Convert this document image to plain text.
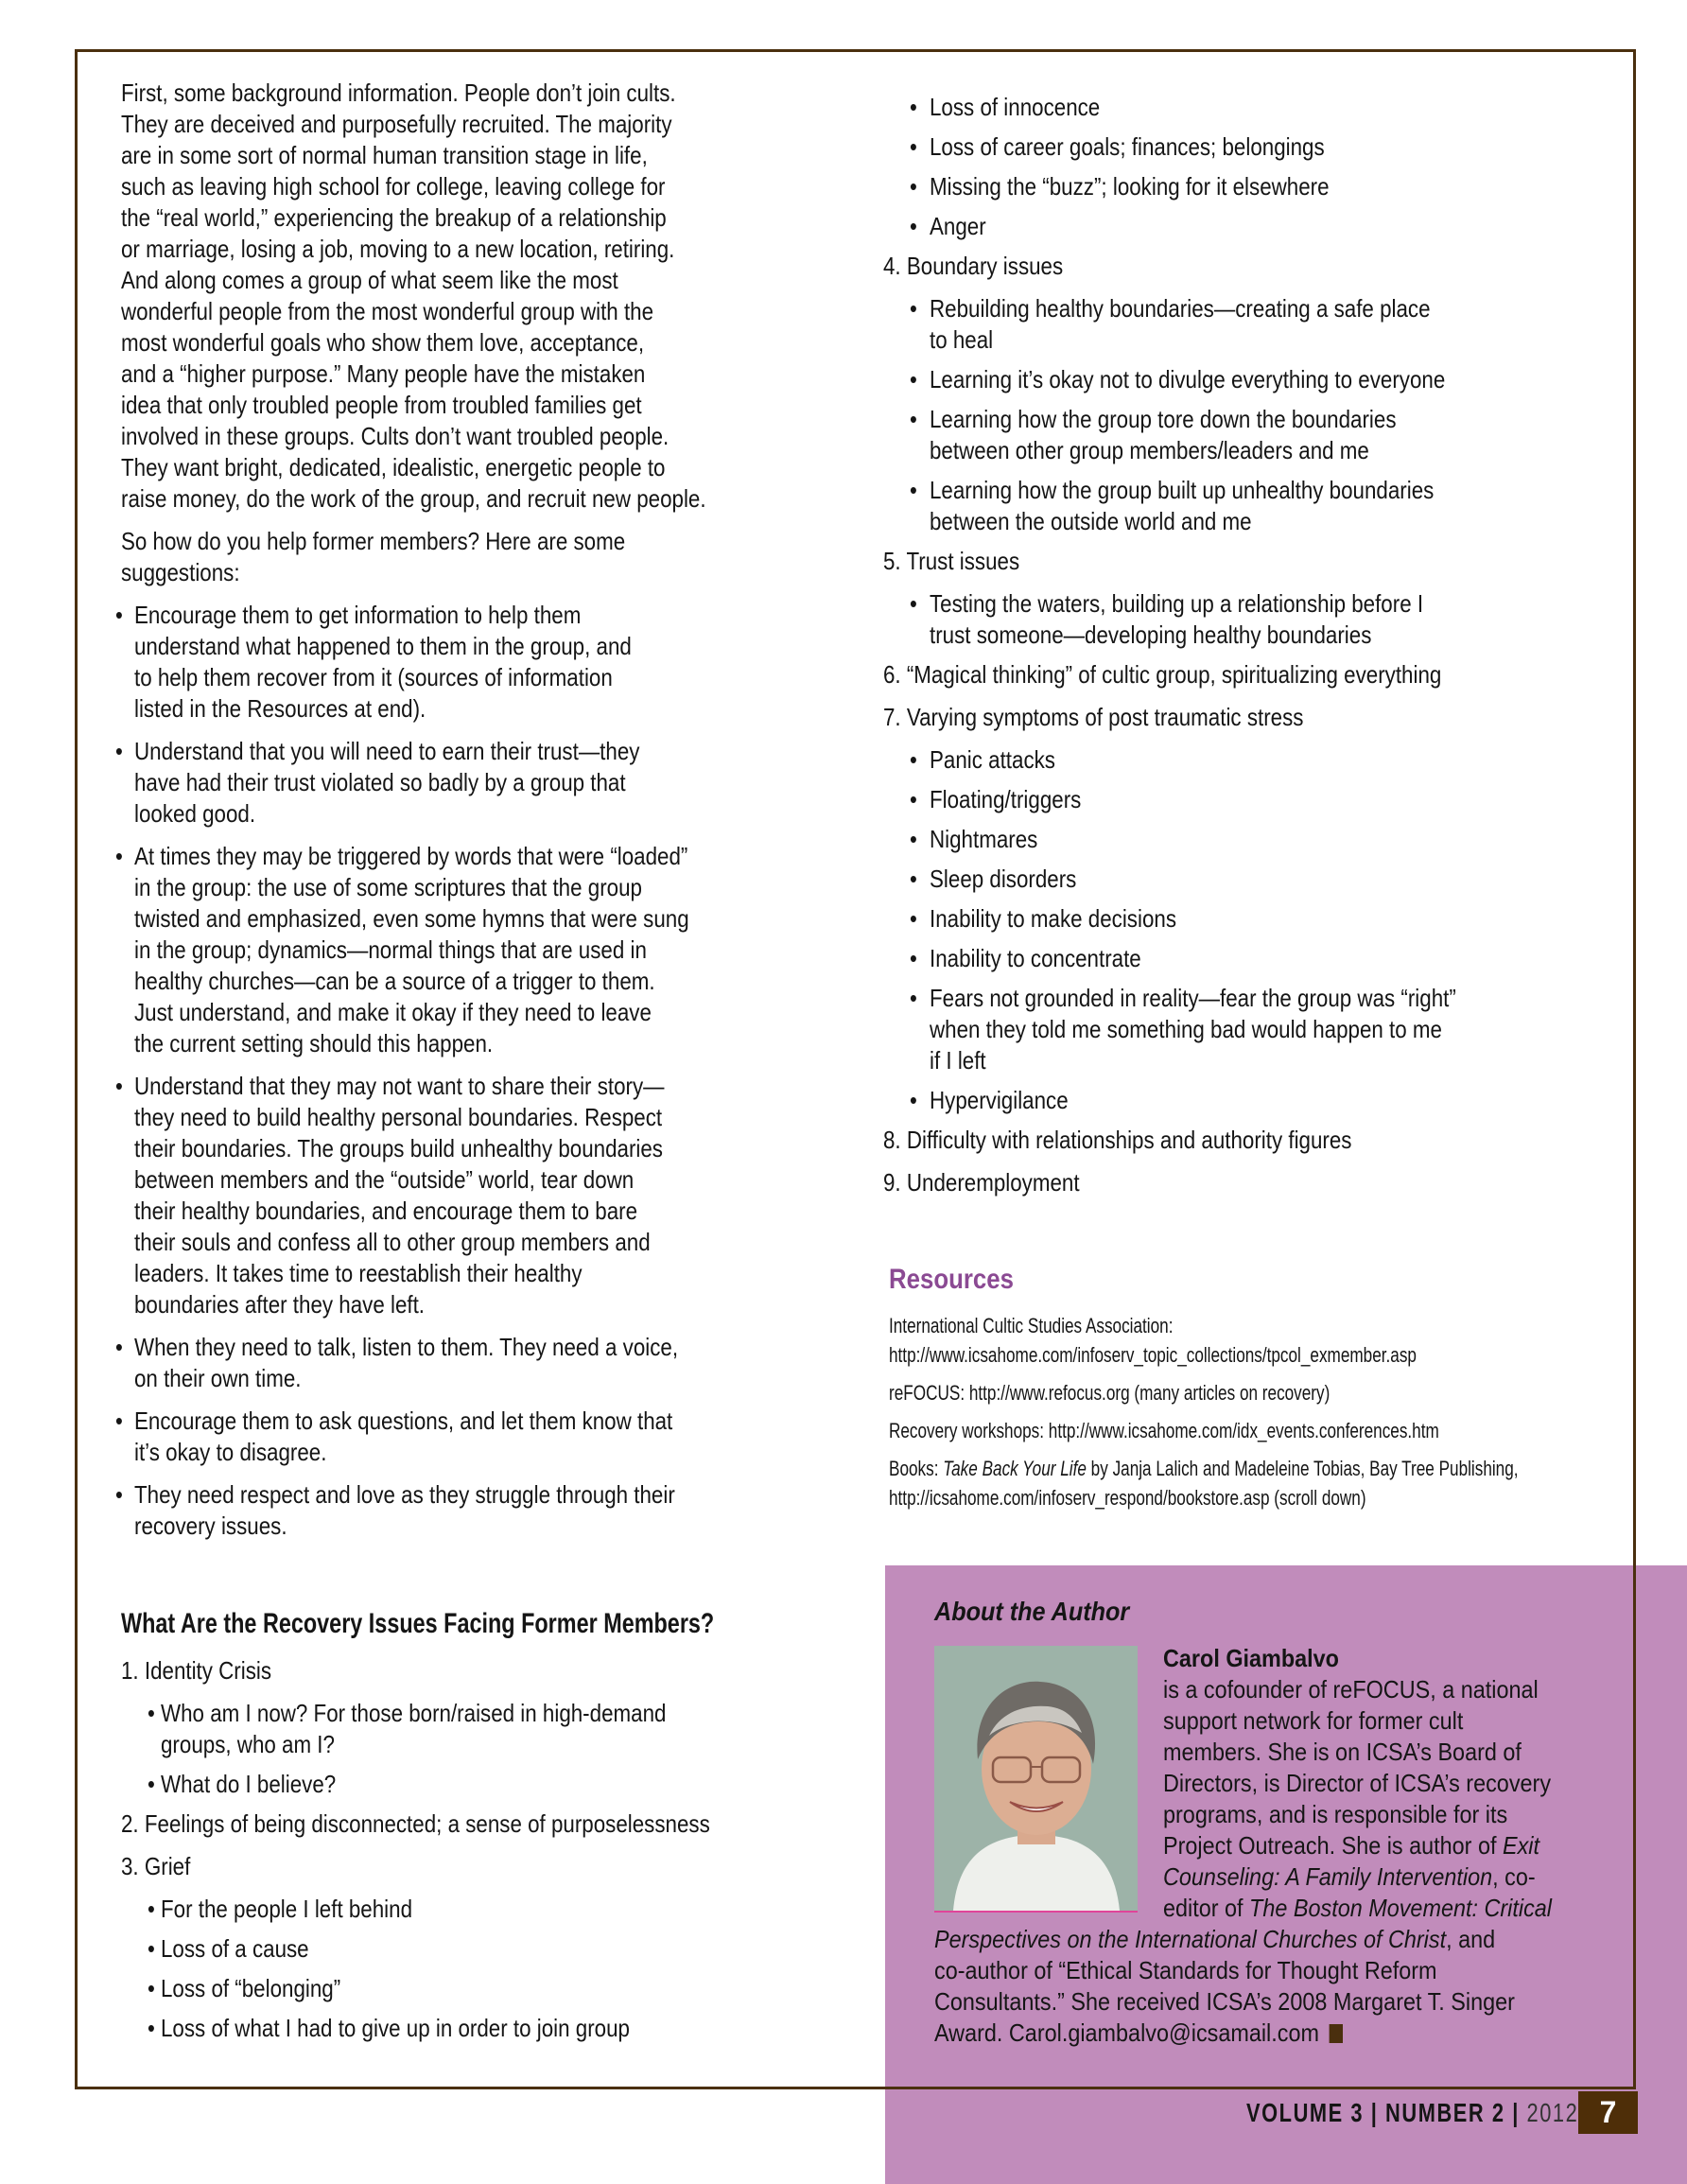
First, some background information. People don’t join cults.
They are deceived and purposefully recruited. The majority
are in some sort of normal human transition stage in life,
such as leaving high school for college, leaving college for
the “real world,” experiencing the breakup of a relationship
or marriage, losing a job, moving to a new location, retiring.
And along comes a group of what seem like the most
wonderful people from the most wonderful group with the
most wonderful goals who show them love, acceptance,
and a “higher purpose.” Many people have the mistaken
idea that only troubled people from troubled families get
involved in these groups. Cults don’t want troubled people.
They want bright, dedicated, idealistic, energetic people to
raise money, do the work of the group, and recruit new people.
So how do you help former members? Here are some
suggestions:
• Encourage them to get information to help them
understand what happened to them in the group, and
to help them recover from it (sources of information
listed in the Resources at end).
• Understand that you will need to earn their trust—they
have had their trust violated so badly by a group that
looked good.
• At times they may be triggered by words that were “loaded”
in the group: the use of some scriptures that the group
twisted and emphasized, even some hymns that were sung
in the group; dynamics—normal things that are used in
healthy churches—can be a source of a trigger to them.
Just understand, and make it okay if they need to leave
the current setting should this happen.
• Understand that they may not want to share their story—
they need to build healthy personal boundaries. Respect
their boundaries. The groups build unhealthy boundaries
between members and the “outside” world, tear down
their healthy boundaries, and encourage them to bare
their souls and confess all to other group members and
leaders. It takes time to reestablish their healthy
boundaries after they have left.
• When they need to talk, listen to them. They need a voice,
on their own time.
• Encourage them to ask questions, and let them know that
it’s okay to disagree.
• They need respect and love as they struggle through their
recovery issues.
1. Identity Crisis
• Who am I now? For those born/raised in high-demand
groups, who am I?
• What do I believe?
2. Feelings of being disconnected; a sense of purposelessness
3. Grief
• For the people I left behind
• Loss of a cause
• Loss of “belonging”
• Loss of what I had to give up in order to join group
• Loss of innocence
• Loss of career goals; finances; belongings
• Missing the “buzz”; looking for it elsewhere
• Anger
4. Boundary issues
• Rebuilding healthy boundaries—creating a safe place
to heal
• Learning it’s okay not to divulge everything to everyone
• Learning how the group tore down the boundaries
between other group members/leaders and me
• Learning how the group built up unhealthy boundaries
between the outside world and me
5. Trust issues
• Testing the waters, building up a relationship before I
trust someone—developing healthy boundaries
6. “Magical thinking” of cultic group, spiritualizing everything
7. Varying symptoms of post traumatic stress
• Panic attacks
• Floating/triggers
• Nightmares
• Sleep disorders
• Inability to make decisions
• Inability to concentrate
• Fears not grounded in reality—fear the group was “right”
when they told me something bad would happen to me
if I left
• Hypervigilance
8. Difficulty with relationships and authority figures
9. Underemployment
What Are the Recovery Issues Facing Former Members?
Resources
International Cultic Studies Association:
http://www.icsahome.com/infoserv_topic_collections/tpcol_exmember.asp
reFOCUS: http://www.refocus.org (many articles on recovery)
Recovery workshops: http://www.icsahome.com/idx_events.conferences.htm
Books: Take Back Your Life by Janja Lalich and Madeleine Tobias, Bay Tree Publishing,
http://icsahome.com/infoserv_respond/bookstore.asp (scroll down)
About the Author
Carol Giambalvo
is a cofounder of reFOCUS, a national
support network for former cult
members. She is on ICSA’s Board of
Directors, is Director of ICSA’s recovery
programs, and is responsible for its
Project Outreach. She is author of Exit
Counseling: A Family Intervention, co-
editor of The Boston Movement: Critical
Perspectives on the International Churches of Christ, and
co-author of “Ethical Standards for Thought Reform
Consultants.” She received ICSA’s 2008 Margaret T. Singer
Award. Carol.giambalvo@icsamail.com
VOLUME 3 | NUMBER 2 | 2012 7
